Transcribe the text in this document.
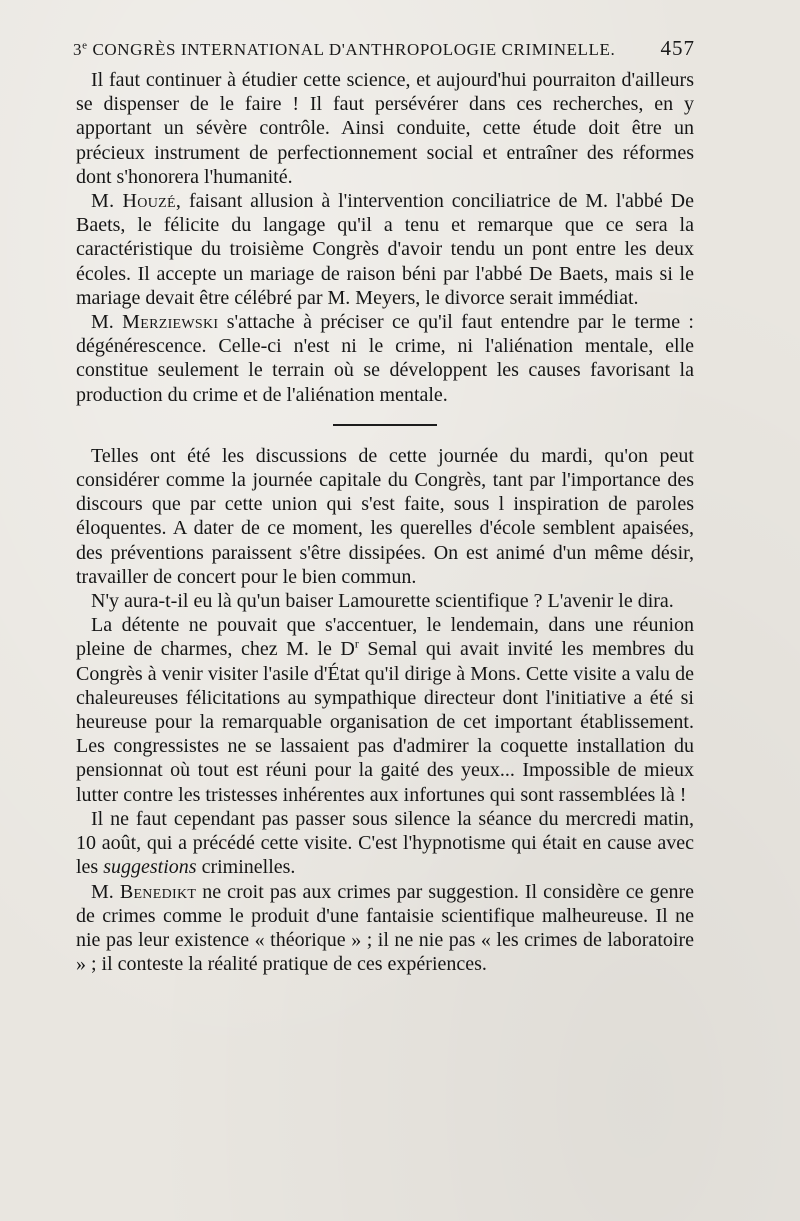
3e CONGRÈS INTERNATIONAL D'ANTHROPOLOGIE CRIMINELLE. 457

Il faut continuer à étudier cette science, et aujourd'hui pourraiton d'ailleurs se dispenser de le faire ! Il faut persévérer dans ces recherches, en y apportant un sévère contrôle. Ainsi conduite, cette étude doit être un précieux instrument de perfectionnement social et entraîner des réformes dont s'honorera l'humanité.

M. Houzé, faisant allusion à l'intervention conciliatrice de M. l'abbé De Baets, le félicite du langage qu'il a tenu et remarque que ce sera la caractéristique du troisième Congrès d'avoir tendu un pont entre les deux écoles. Il accepte un mariage de raison béni par l'abbé De Baets, mais si le mariage devait être célébré par M. Meyers, le divorce serait immédiat.

M. Merziewski s'attache à préciser ce qu'il faut entendre par le terme : dégénérescence. Celle-ci n'est ni le crime, ni l'aliénation mentale, elle constitue seulement le terrain où se développent les causes favorisant la production du crime et de l'aliénation mentale.

Telles ont été les discussions de cette journée du mardi, qu'on peut considérer comme la journée capitale du Congrès, tant par l'importance des discours que par cette union qui s'est faite, sous l inspiration de paroles éloquentes. A dater de ce moment, les querelles d'école semblent apaisées, des préventions paraissent s'être dissipées. On est animé d'un même désir, travailler de concert pour le bien commun.

N'y aura-t-il eu là qu'un baiser Lamourette scientifique ? L'avenir le dira.

La détente ne pouvait que s'accentuer, le lendemain, dans une réunion pleine de charmes, chez M. le $D^r$ Semal qui avait invité les membres du Congrès à venir visiter l'asile d'État qu'il dirige à Mons. Cette visite a valu de chaleureuses félicitations au sympathique directeur dont l'initiative a été si heureuse pour la remarquable organisation de cet important établissement. Les congressistes ne se lassaient pas d'admirer la coquette installation du pensionnat où tout est réuni pour la gaité des yeux... Impossible de mieux lutter contre les tristesses inhérentes aux infortunes qui sont rassemblées là !

Il ne faut cependant pas passer sous silence la séance du mercredi matin, 10 août, qui a précédé cette visite. C'est l'hypnotisme qui était en cause avec les suggestions criminelles.

M. Benedikt ne croit pas aux crimes par suggestion. Il considère ce genre de crimes comme le produit d'une fantaisie scientifique malheureuse. Il ne nie pas leur existence « théorique » ; il ne nie pas « les crimes de laboratoire » ; il conteste la réalité pratique de ces expériences.
